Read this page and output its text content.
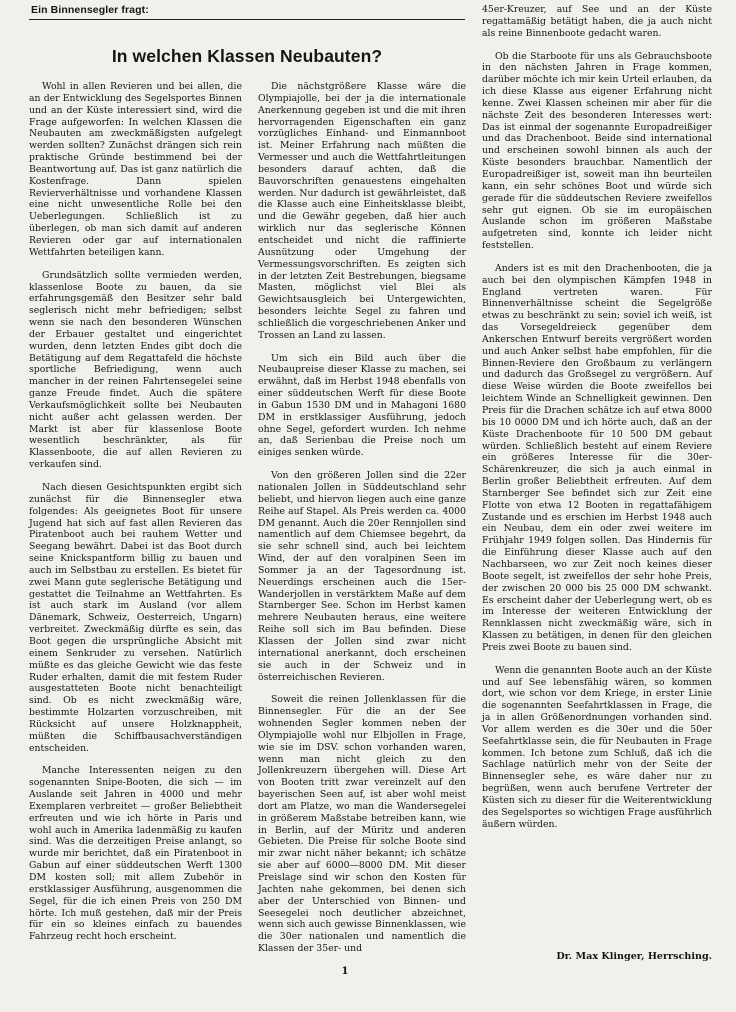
Ein Binnensegler fragt:
In welchen Klassen Neubauten?

Wohl in allen Revieren und bei allen, die an der Entwicklung des Segelsportes Binnen und an der Küste interessiert sind, wird die Frage aufgeworfen: In welchen Klassen die Neubauten am zweckmäßigsten aufgelegt werden sollten? Zunächst drängen sich rein praktische Gründe bestimmend bei der Beantwortung auf. Das ist ganz natürlich die Kostenfrage. Dann spielen Revierverhältnisse und vorhandene Klassen eine nicht unwesentliche Rolle bei den Ueberlegungen. Schließlich ist zu überlegen, ob man sich damit auf anderen Revieren oder gar auf internationalen Wettfahrten beteiligen kann.

Grundsätzlich sollte vermieden werden, klassenlose Boote zu bauen, da sie erfahrungsgemäß den Besitzer sehr bald seglerisch nicht mehr befriedigen; selbst wenn sie nach den besonderen Wünschen der Erbauer gestaltet und eingerichtet wurden, denn letzten Endes gibt doch die Betätigung auf dem Regattafeld die höchste sportliche Befriedigung, wenn auch mancher in der reinen Fahrtensegelei seine ganze Freude findet. Auch die spätere Verkaufsmöglichkeit sollte bei Neubauten nicht außer acht gelassen werden. Der Markt ist aber für klassenlose Boote wesentlich beschränkter, als für Klassenboote, die auf allen Revieren zu verkaufen sind.

Nach diesen Gesichtspunkten ergibt sich zunächst für die Binnensegler etwa folgendes: Als geeignetes Boot für unsere Jugend hat sich auf fast allen Revieren das Piratenboot auch bei rauhem Wetter und Seegang bewährt. Dabei ist das Boot durch seine Knickspantform billig zu bauen und auch im Selbstbau zu erstellen. Es bietet für zwei Mann gute seglerische Betätigung und gestattet die Teilnahme an Wettfahrten. Es ist auch stark im Ausland (vor allem Dänemark, Schweiz, Oesterreich, Ungarn) verbreitet. Zweckmäßig dürfte es sein, das Boot gegen die ursprüngliche Absicht mit einem Senkruder zu versehen. Natürlich müßte es das gleiche Gewicht wie das feste Ruder erhalten, damit die mit festem Ruder ausgestatteten Boote nicht benachteiligt sind. Ob es nicht zweckmäßig wäre, bestimmte Holzarten vorzuschreiben, mit Rücksicht auf unsere Holzknappheit, müßten die Schiffbausachverständigen entscheiden.

Manche Interessenten neigen zu den sogenannten Snipe-Booten, die sich — im Auslande seit Jahren in 4000 und mehr Exemplaren verbreitet — großer Beliebtheit erfreuten und wie ich hörte in Paris und wohl auch in Amerika ladenmäßig zu kaufen sind. Was die derzeitigen Preise anlangt, so wurde mir berichtet, daß ein Piratenboot in Gabun auf einer süddeutschen Werft 1300 DM kosten soll; mit allem Zubehör in erstklassiger Ausführung, ausgenommen die Segel, für die ich einen Preis von 250 DM hörte. Ich muß gestehen, daß mir der Preis für ein so kleines einfach zu bauendes Fahrzeug recht hoch erscheint.

Die nächstgrößere Klasse wäre die Olympiajolle, bei der ja die internationale Anerkennung gegeben ist und die mit ihren hervorragenden Eigenschaften ein ganz vorzügliches Einhand- und Einmannboot ist. Meiner Erfahrung nach müßten die Vermesser und auch die Wettfahrtleitungen besonders darauf achten, daß die Bauvorschriften genauestens eingehalten werden. Nur dadurch ist gewährleistet, daß die Klasse auch eine Einheitsklasse bleibt, und die Gewähr gegeben, daß hier auch wirklich nur das seglerische Können entscheidet und nicht die raffinierte Ausnützung oder Umgehung der Vermessungsvorschriften. Es zeigten sich in der letzten Zeit Bestrebungen, biegsame Masten, möglichst viel Blei als Gewichtsausgleich bei Untergewichten, besonders leichte Segel zu fahren und schließlich die vorgeschriebenen Anker und Trossen an Land zu lassen.

Um sich ein Bild auch über die Neubaupreise dieser Klasse zu machen, sei erwähnt, daß im Herbst 1948 ebenfalls von einer süddeutschen Werft für diese Boote in Gabun 1530 DM und in Mahagoni 1680 DM in erstklassiger Ausführung, jedoch ohne Segel, gefordert wurden. Ich nehme an, daß Serienbau die Preise noch um einiges senken würde.

Von den größeren Jollen sind die 22er nationalen Jollen in Süddeutschland sehr beliebt, und hiervon liegen auch eine ganze Reihe auf Stapel. Als Preis werden ca. 4000 DM genannt. Auch die 20er Rennjollen sind namentlich auf dem Chiemsee begehrt, da sie sehr schnell sind, auch bei leichtem Wind, der auf den voralpinen Seen im Sommer ja an der Tagesordnung ist. Neuerdings erscheinen auch die 15er-Wanderjollen in verstärktem Maße auf dem Starnberger See. Schon im Herbst kamen mehrere Neubauten heraus, eine weitere Reihe soll sich im Bau befinden. Diese Klassen der Jollen sind zwar nicht international anerkannt, doch erscheinen sie auch in der Schweiz und in österreichischen Revieren.

Soweit die reinen Jollenklassen für die Binnensegler. Für die an der See wohnenden Segler kommen neben der Olympiajolle wohl nur Elbjollen in Frage, wie sie im DSV. schon vorhanden waren, wenn man nicht gleich zu den Jollenkreuzern übergehen will. Diese Art von Booten tritt zwar vereinzelt auf den bayerischen Seen auf, ist aber wohl meist dort am Platze, wo man die Wandersegelei in größerem Maßstabe betreiben kann, wie in Berlin, auf der Müritz und anderen Gebieten. Die Preise für solche Boote sind mir zwar nicht näher bekannt; ich schätze sie aber auf 6000—8000 DM. Mit dieser Preislage sind wir schon den Kosten für Jachten nahe gekommen, bei denen sich aber der Unterschied von Binnen- und Seesegelei noch deutlicher abzeichnet, wenn sich auch gewisse Binnenklassen, wie die 30er nationalen und namentlich die Klassen der 35er- und

45er-Kreuzer, auf See und an der Küste regattamäßig betätigt haben, die ja auch nicht als reine Binnenboote gedacht waren.

Ob die Starboote für uns als Gebrauchsboote in den nächsten Jahren in Frage kommen, darüber möchte ich mir kein Urteil erlauben, da ich diese Klasse aus eigener Erfahrung nicht kenne. Zwei Klassen scheinen mir aber für die nächste Zeit des besonderen Interesses wert: Das ist einmal der sogenannte Europadreißiger und das Drachenboot. Beide sind international und erscheinen sowohl binnen als auch der Küste besonders brauchbar. Namentlich der Europadreißiger ist, soweit man ihn beurteilen kann, ein sehr schönes Boot und würde sich gerade für die süddeutschen Reviere zweifellos sehr gut eignen. Ob sie im europäischen Auslande schon im größeren Maßstabe aufgetreten sind, konnte ich leider nicht feststellen.

Anders ist es mit den Drachenbooten, die ja auch bei den olympischen Kämpfen 1948 in England vertreten waren. Für Binnenverhältnisse scheint die Segelgröße etwas zu beschränkt zu sein; soviel ich weiß, ist das Vorsegeldreieck gegenüber dem Ankerschen Entwurf bereits vergrößert worden und auch Anker selbst habe empfohlen, für die Binnen-Reviere den Großbaum zu verlängern und dadurch das Großsegel zu vergrößern. Auf diese Weise würden die Boote zweifellos bei leichtem Winde an Schnelligkeit gewinnen. Den Preis für die Drachen schätze ich auf etwa 8000 bis 10 0000 DM und ich hörte auch, daß an der Küste Drachenboote für 10 500 DM gebaut würden. Schließlich besteht auf einem Reviere ein größeres Interesse für die 30er-Schärenkreuzer, die sich ja auch einmal in Berlin großer Beliebtheit erfreuten. Auf dem Starnberger See befindet sich zur Zeit eine Flotte von etwa 12 Booten in regattafähigem Zustande und es erschien im Herbst 1948 auch ein Neubau, dem ein oder zwei weitere im Frühjahr 1949 folgen sollen. Das Hindernis für die Einführung dieser Klasse auch auf den Nachbarseen, wo zur Zeit noch keines dieser Boote segelt, ist zweifellos der sehr hohe Preis, der zwischen 20 000 bis 25 000 DM schwankt. Es erscheint daher der Ueberlegung wert, ob es im Interesse der weiteren Entwicklung der Rennklassen nicht zweckmäßig wäre, sich in Klassen zu betätigen, in denen für den gleichen Preis zwei Boote zu bauen sind.

Wenn die genannten Boote auch an der Küste und auf See lebensfähig wären, so kommen dort, wie schon vor dem Kriege, in erster Linie die sogenannten Seefahrtklassen in Frage, die ja in allen Größenordnungen vorhanden sind. Vor allem werden es die 30er und die 50er Seefahrtklasse sein, die für Neubauten in Frage kommen. Ich betone zum Schluß, daß ich die Sachlage natürlich mehr von der Seite der Binnensegler sehe, es wäre daher nur zu begrüßen, wenn auch berufene Vertreter der Küsten sich zu dieser für die Weiterentwicklung des Segelsportes so wichtigen Frage ausführlich äußern würden.

Dr. Max Klinger, Herrsching.
1
